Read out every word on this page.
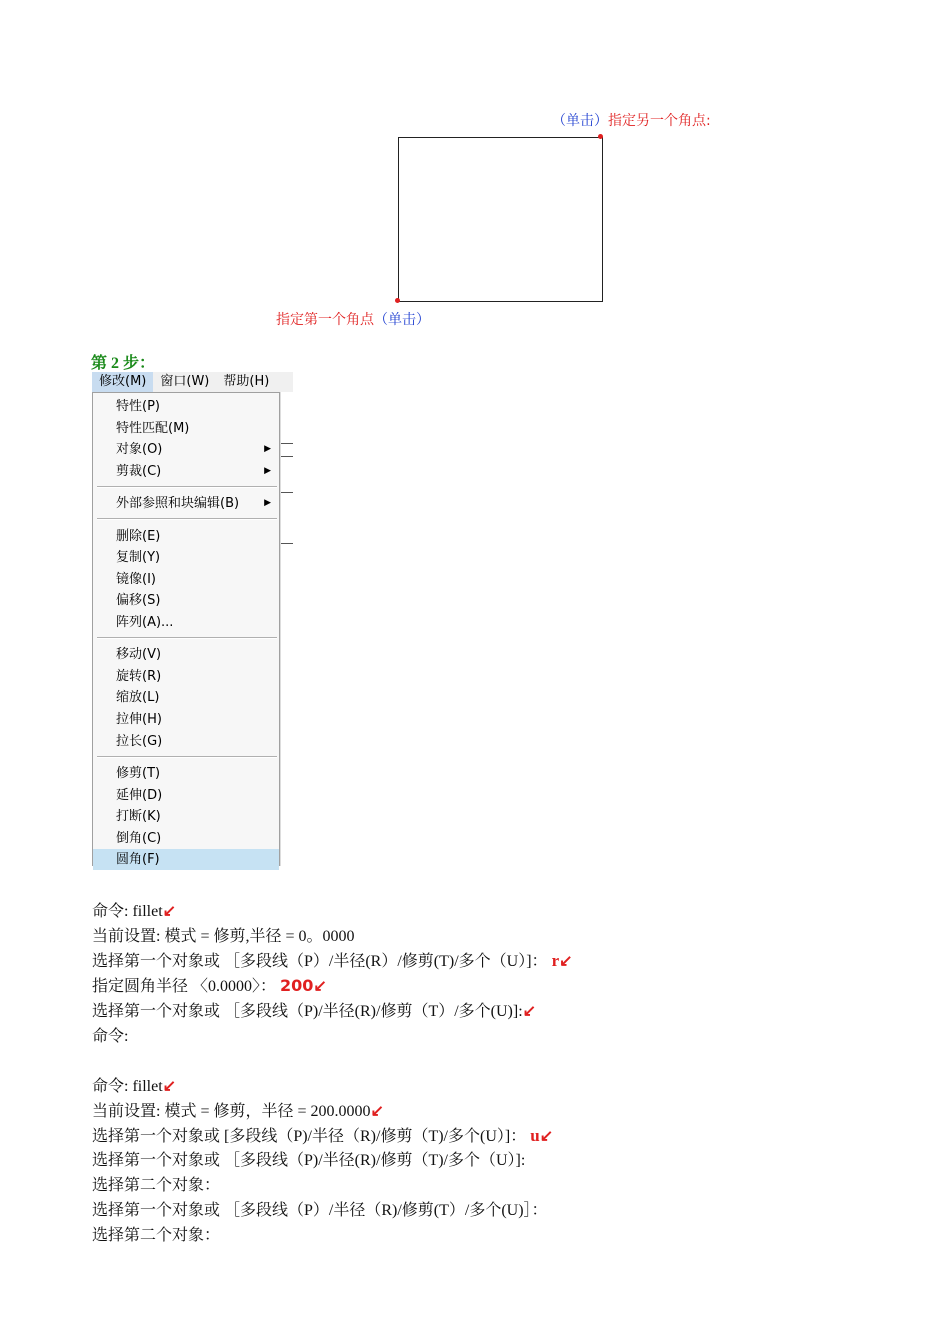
（单击）指定另一个角点:
指定第一个角点（单击）
第 2 步：
修改(M)	窗口(W)	帮助(H)
特性(P)
特性匹配(M)
对象(O)	▶
剪裁(C)	▶
外部参照和块编辑(B)	▶
删除(E)
复制(Y)
镜像(I)
偏移(S)
阵列(A)...
移动(V)
旋转(R)
缩放(L)
拉伸(H)
拉长(G)
修剪(T)
延伸(D)
打断(K)
倒角(C)
圆角(F)
命令: fillet↙
当前设置: 模式 = 修剪,半径 = 0。0000
选择第一个对象或 ［多段线（P）/半径(R）/修剪(T)/多个（U）]： r↙
指定圆角半径 〈0.0000〉： 200↙
选择第一个对象或 ［多段线（P)/半径(R)/修剪（T）/多个(U)]:↙
命令:
命令: fillet↙
当前设置: 模式 = 修剪，半径 = 200.0000↙
选择第一个对象或 [多段线（P)/半径（R)/修剪（T)/多个(U）]： u↙
选择第一个对象或 ［多段线（P)/半径(R)/修剪（T)/多个（U）]:
选择第二个对象：
选择第一个对象或 ［多段线（P）/半径（R)/修剪(T）/多个(U)］：
选择第二个对象：
